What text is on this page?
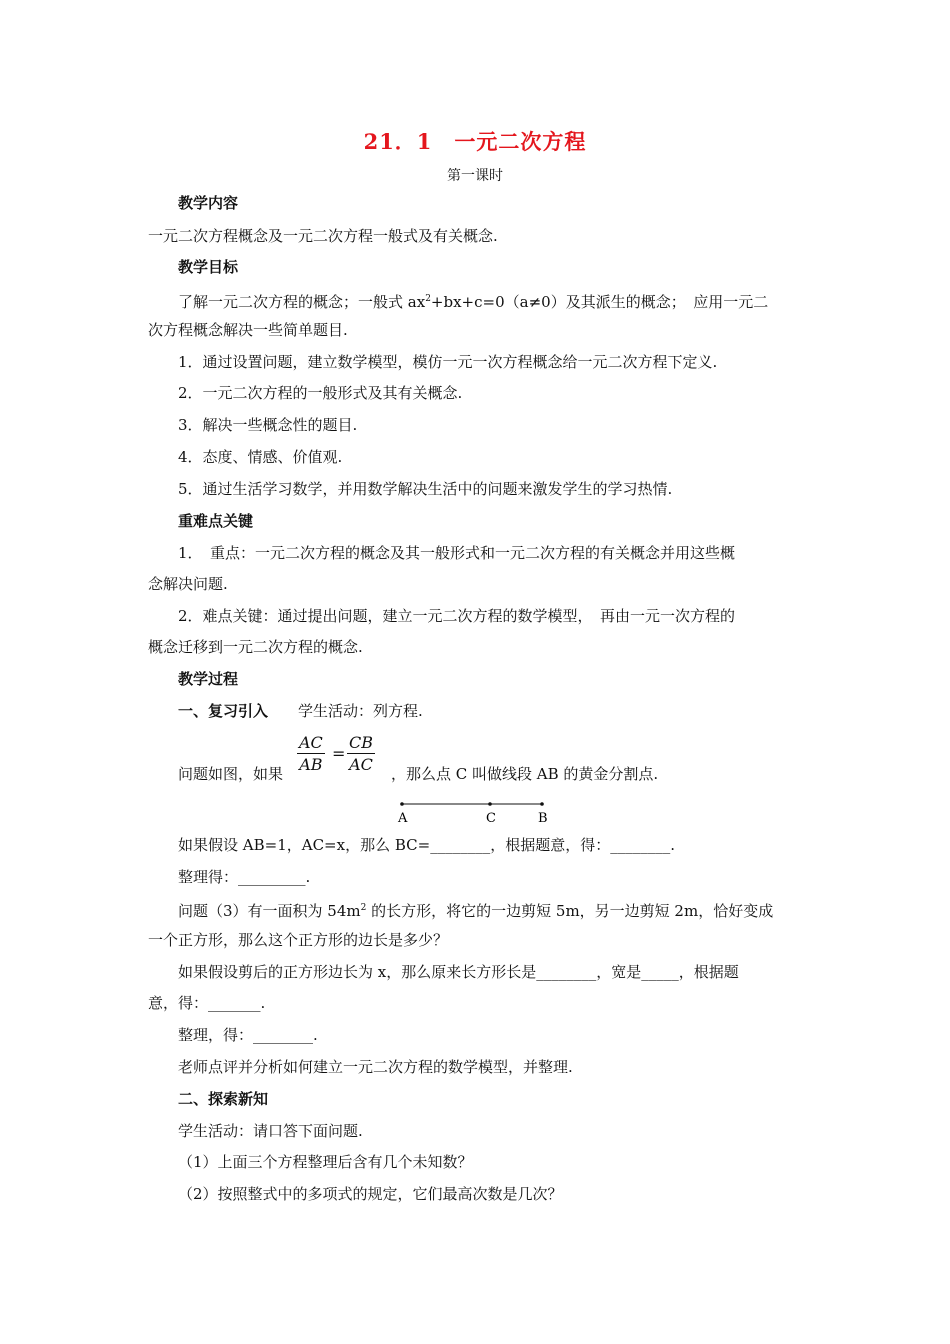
21．1　一元二次方程
第一课时
教学内容
一元二次方程概念及一元二次方程一般式及有关概念.
教学目标
了解一元二次方程的概念；一般式 $ax^2+bx+c=0(a\ne 0)$及其派生的概念；　应用一元二
次方程概念解决一些简单题目.
1．通过设置问题，建立数学模型，模仿一元一次方程概念给一元二次方程下定义.
2．一元二次方程的一般形式及其有关概念.
3．解决一些概念性的题目.
4．态度、情感、价值观.
5．通过生活学习数学，并用数学解决生活中的问题来激发学生的学习热情.
重难点关键
1．　重点：一元二次方程的概念及其一般形式和一元二次方程的有关概念并用这些概
念解决问题.
2．难点关键：通过提出问题，建立一元二次方程的数学模型，　再由一元一次方程的
概念迁移到一元二次方程的概念.
教学过程
一、复习引入　　学生活动：列方程.
$\frac{AC}{AB} = \frac{CB}{AC}$
问题如图，如果	，那么点 C 叫做线段 AB 的黄金分割点.
A	C	B
如果假设 AB=1，AC=x，那么 BC=________，根据题意，得：________.
整理得：_________.
问题（3）有一面积为 $54m^2$ 的长方形，将它的一边剪短 5m，另一边剪短 2m，恰好变成
一个正方形，那么这个正方形的边长是多少？
如果假设剪后的正方形边长为 x，那么原来长方形长是________，宽是_____，根据题
意，得：_______.
整理，得：________.
老师点评并分析如何建立一元二次方程的数学模型，并整理.
二、探索新知
学生活动：请口答下面问题.
（1）上面三个方程整理后含有几个未知数？
（2）按照整式中的多项式的规定，它们最高次数是几次？
